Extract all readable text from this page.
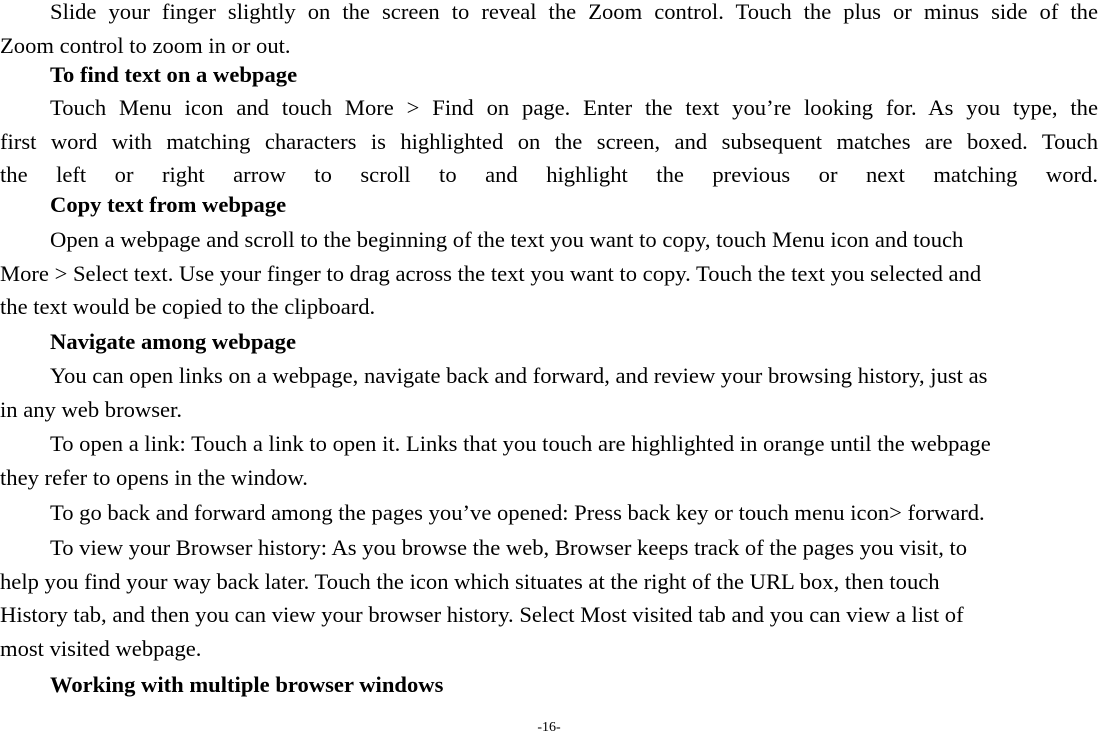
Slide your finger slightly on the screen to reveal the Zoom control. Touch the plus or minus side of the
Zoom control to zoom in or out.
To find text on a webpage
Touch Menu icon and touch More > Find on page. Enter the text you’re looking for. As you type, the
first word with matching characters is highlighted on the screen, and subsequent matches are boxed. Touch
the left or right arrow to scroll to and highlight the previous or next matching word.
Copy text from webpage
Open a webpage and scroll to the beginning of the text you want to copy, touch Menu icon and touch
More > Select text. Use your finger to drag across the text you want to copy. Touch the text you selected and
the text would be copied to the clipboard.
Navigate among webpage
You can open links on a webpage, navigate back and forward, and review your browsing history, just as
in any web browser.
To open a link: Touch a link to open it. Links that you touch are highlighted in orange until the webpage
they refer to opens in the window.
To go back and forward among the pages you’ve opened: Press back key or touch menu icon> forward.
To view your Browser history: As you browse the web, Browser keeps track of the pages you visit, to
help you find your way back later. Touch the icon which situates at the right of the URL box, then touch
History tab, and then you can view your browser history. Select Most visited tab and you can view a list of
most visited webpage.
Working with multiple browser windows
-16-
